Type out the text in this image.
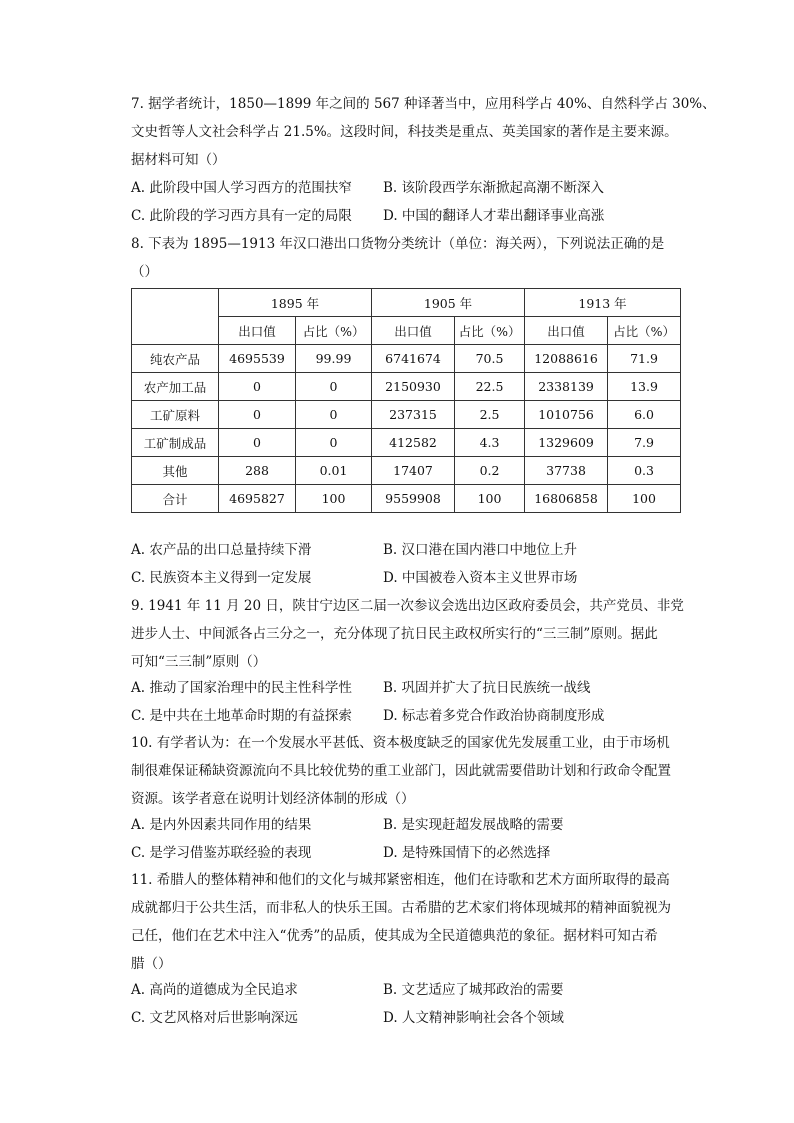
7. 据学者统计，1850—1899 年之间的 567 种译著当中，应用科学占 40%、自然科学占 30%、

文史哲等人文社会科学占 21.5%。这段时间，科技类是重点、英美国家的著作是主要来源。

据材料可知（）

A. 此阶段中国人学习西方的范围扶窄 B. 该阶段西学东渐掀起高潮不断深入
C. 此阶段的学习西方具有一定的局限 D. 中国的翻译人才辈出翻译事业高涨

8. 下表为 1895—1913 年汉口港出口货物分类统计（单位：海关两），下列说法正确的是

（）

	1895 年		1905 年		1913 年	
	出口值	占比（%）	出口值	占比（%）	出口值	占比（%）
纯农产品	4695539	99.99	6741674	70.5	12088616	71.9
农产加工品	0	0	2150930	22.5	2338139	13.9
工矿原料	0	0	237315	2.5	1010756	6.0
工矿制成品	0	0	412582	4.3	1329609	7.9
其他	288	0.01	17407	0.2	37738	0.3
合计	4695827	100	9559908	100	16806858	100
A. 农产品的出口总量持续下滑	B. 汉口港在国内港口中地位上升
C. 民族资本主义得到一定发展	D. 中国被卷入资本主义世界市场

9. 1941 年 11 月 20 日，陕甘宁边区二届一次参议会选出边区政府委员会，共产党员、非党

进步人士、中间派各占三分之一，充分体现了抗日民主政权所实行的“三三制”原则。据此

可知“三三制”原则（）

A. 推动了国家治理中的民主性科学性 B. 巩固并扩大了抗日民族统一战线
C. 是中共在土地革命时期的有益探索 D. 标志着多党合作政治协商制度形成

10. 有学者认为：在一个发展水平甚低、资本极度缺乏的国家优先发展重工业，由于市场机

制很难保证稀缺资源流向不具比较优势的重工业部门，因此就需要借助计划和行政命令配置

资源。该学者意在说明计划经济体制的形成（）

A. 是内外因素共同作用的结果	B. 是实现赶超发展战略的需要
C. 是学习借鉴苏联经验的表现	D. 是特殊国情下的必然选择

11. 希腊人的整体精神和他们的文化与城邦紧密相连，他们在诗歌和艺术方面所取得的最高

成就都归于公共生活，而非私人的快乐王国。古希腊的艺术家们将体现城邦的精神面貌视为

己任，他们在艺术中注入“优秀”的品质，使其成为全民道德典范的象征。据材料可知古希

腊（）

A. 高尚的道德成为全民追求	B. 文艺适应了城邦政治的需要
C. 文艺风格对后世影响深远	D. 人文精神影响社会各个领域
